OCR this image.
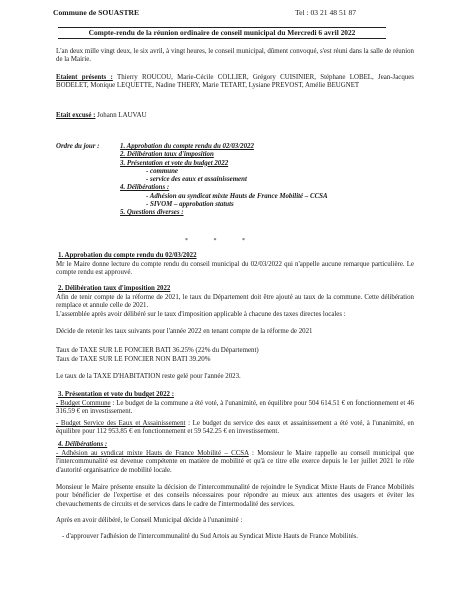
Commune de SOUASTRE	Tel : 03 21 48 51 87
Compte-rendu de la réunion ordinaire de conseil municipal du Mercredi 6 avril 2022

L'an deux mille vingt deux, le six avril, à vingt heures, le conseil municipal, dûment convoqué, s'est réuni dans la salle de réunion de la Mairie.

Etaient présents : Thierry ROUCOU, Marie-Cécile COLLIER, Grégory CUISINIER, Stéphane LOBEL, Jean-Jacques BODELET, Monique LEQUETTE, Nadine THERY, Marie TETART, Lysiane PREVOST, Amélie BEUGNET

Etait excusé : Johann LAUVAU

Ordre du jour :	1. Approbation du compte rendu du 02/03/2022
2. Délibération taux d'imposition
3. Présentation et vote du budget 2022
- commune
- service des eaux et assainissement
4. Délibérations :
- Adhésion au syndicat mixte Hauts de France Mobilité – CCSA
- SIVOM – approbation statuts
5. Questions diverses :
* * *
1. Approbation du compte rendu du 02/03/2022

Mr le Maire donne lecture du compte rendu du conseil municipal du 02/03/2022 qui n'appelle aucune remarque particulière. Le compte rendu est approuvé.

2. Délibération taux d'imposition 2022

Afin de tenir compte de la réforme de 2021, le taux du Département doit être ajouté au taux de la commune. Cette délibération remplace et annule celle de 2021.

L'assemblée après avoir délibéré sur le taux d'imposition applicable à chacune des taxes directes locales :

Décide de retenir les taux suivants pour l'année 2022 en tenant compte de la réforme de 2021

Taux de TAXE SUR LE FONCIER BATI 36.25% (22% du Département)

Taux de TAXE SUR LE FONCIER NON BATI 39.20%

Le taux de la TAXE D'HABITATION reste gelé pour l'année 2023.

3. Présentation et vote du budget 2022 :

- Budget Commune : Le budget de la commune a été voté, à l'unanimité, en équilibre pour 504 614.51 € en fonctionnement et 46 316.59 € en investissement.

- Budget Service des Eaux et Assainissement : Le budget du service des eaux et assainissement a été voté, à l'unanimité, en équilibre pour 112 953.85 € en fonctionnement et 59 542.25 € en investissement.

4. Délibérations :

- Adhésion au syndicat mixte Hauts de France Mobilité – CCSA : Monsieur le Maire rappelle au conseil municipal que l'intercommunalité est devenue compétente en matière de mobilité et qu'à ce titre elle exerce depuis le 1er juillet 2021 le rôle d'autorité organisatrice de mobilité locale.

Monsieur le Maire présente ensuite la décision de l'intercommunalité de rejoindre le Syndicat Mixte Hauts de France Mobilités pour bénéficier de l'expertise et des conseils nécessaires pour répondre au mieux aux attentes des usagers et éviter les chevauchements de circuits et de services dans le cadre de l'intermodalité des services.

Après en avoir délibéré, le Conseil Municipal décide à l'unanimité :

- d'approuver l'adhésion de l'intercommunalité du Sud Artois au Syndicat Mixte Hauts de France Mobilités.
